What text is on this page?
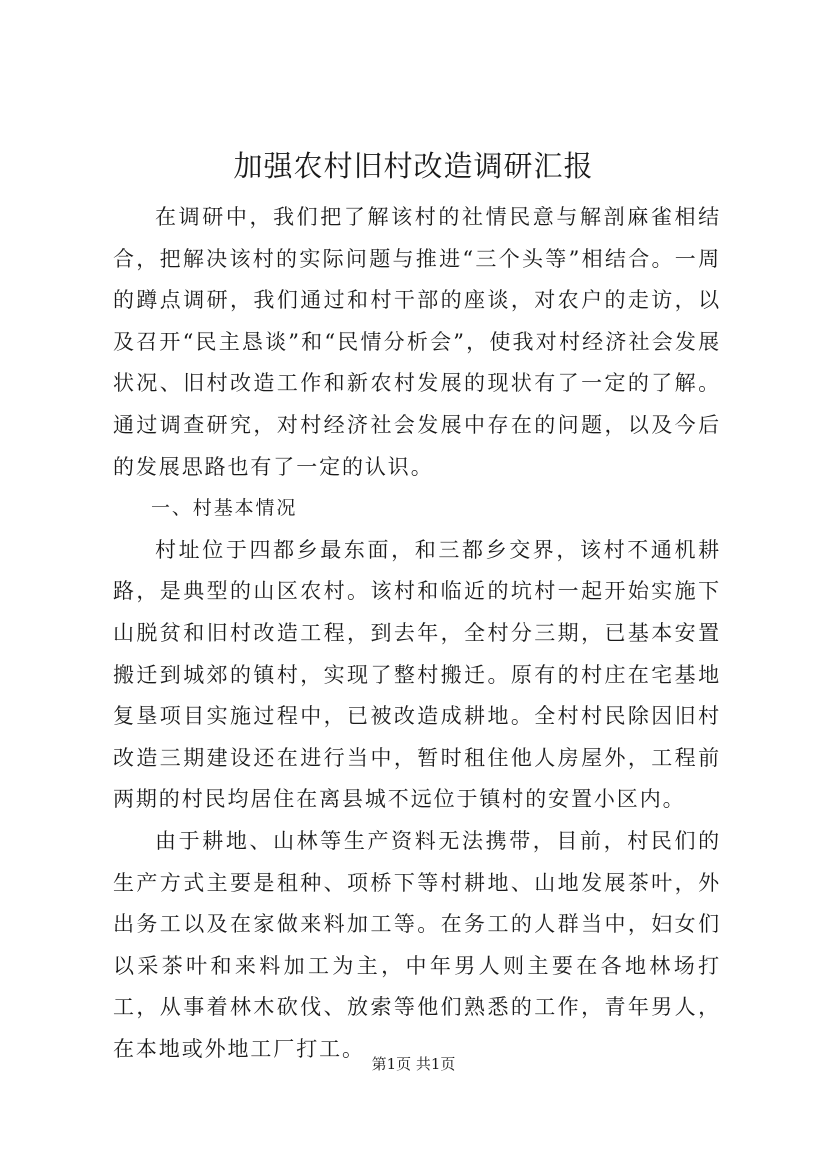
加强农村旧村改造调研汇报

在调研中，我们把了解该村的社情民意与解剖麻雀相结合，把解决该村的实际问题与推进“三个头等”相结合。一周的蹲点调研，我们通过和村干部的座谈，对农户的走访，以及召开“民主恳谈”和“民情分析会”，使我对村经济社会发展状况、旧村改造工作和新农村发展的现状有了一定的了解。通过调查研究，对村经济社会发展中存在的问题，以及今后的发展思路也有了一定的认识。

一、村基本情况

村址位于四都乡最东面，和三都乡交界，该村不通机耕路，是典型的山区农村。该村和临近的坑村一起开始实施下山脱贫和旧村改造工程，到去年，全村分三期，已基本安置搬迁到城郊的镇村，实现了整村搬迁。原有的村庄在宅基地复垦项目实施过程中，已被改造成耕地。全村村民除因旧村改造三期建设还在进行当中，暂时租住他人房屋外，工程前两期的村民均居住在离县城不远位于镇村的安置小区内。

由于耕地、山林等生产资料无法携带，目前，村民们的生产方式主要是租种、项桥下等村耕地、山地发展茶叶，外出务工以及在家做来料加工等。在务工的人群当中，妇女们以采茶叶和来料加工为主，中年男人则主要在各地林场打工，从事着林木砍伐、放索等他们熟悉的工作，青年男人，在本地或外地工厂打工。

第1页 共1页
